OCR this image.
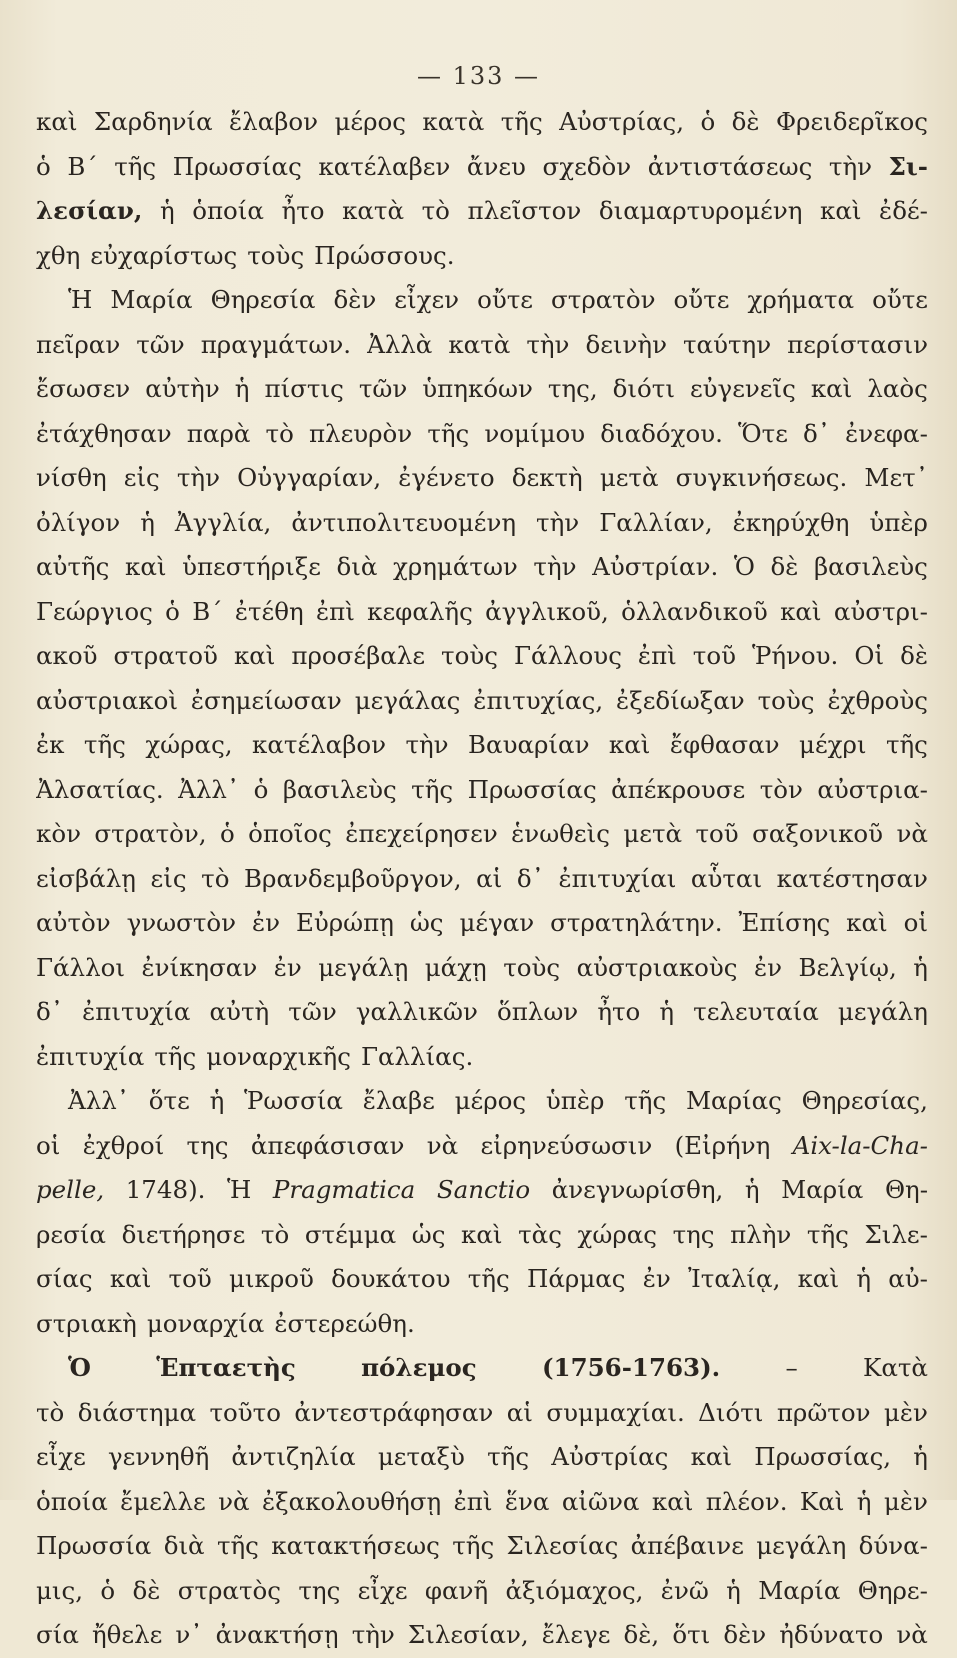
— 133 —
καὶ Σαρδηνία ἔλαβον μέρος κατὰ τῆς Αὐστρίας, ὁ δὲ Φρειδερῖκος
ὁ Β΄ τῆς Πρωσσίας κατέλαβεν ἄνευ σχεδὸν ἀντιστάσεως τὴν Σι-
λεσίαν, ἡ ὁποία ἦτο κατὰ τὸ πλεῖστον διαμαρτυρομένη καὶ ἐδέ-
χθη εὐχαρίστως τοὺς Πρώσσους.
Ἡ Μαρία Θηρεσία δὲν εἶχεν οὔτε στρατὸν οὔτε χρήματα οὔτε
πεῖραν τῶν πραγμάτων. Ἀλλὰ κατὰ τὴν δεινὴν ταύτην περίστασιν
ἔσωσεν αὐτὴν ἡ πίστις τῶν ὑπηκόων της, διότι εὐγενεῖς καὶ λαὸς
ἐτάχθησαν παρὰ τὸ πλευρὸν τῆς νομίμου διαδόχου. Ὅτε δ᾽ ἐνεφα-
νίσθη εἰς τὴν Οὐγγαρίαν, ἐγένετο δεκτὴ μετὰ συγκινήσεως. Μετ᾽
ὀλίγον ἡ Ἀγγλία, ἀντιπολιτευομένη τὴν Γαλλίαν, ἐκηρύχθη ὑπὲρ
αὐτῆς καὶ ὑπεστήριξε διὰ χρημάτων τὴν Αὐστρίαν. Ὁ δὲ βασιλεὺς
Γεώργιος ὁ Β΄ ἐτέθη ἐπὶ κεφαλῆς ἀγγλικοῦ, ὁλλανδικοῦ καὶ αὐστρι-
ακοῦ στρατοῦ καὶ προσέβαλε τοὺς Γάλλους ἐπὶ τοῦ Ῥήνου. Οἱ δὲ
αὐστριακοὶ ἐσημείωσαν μεγάλας ἐπιτυχίας, ἐξεδίωξαν τοὺς ἐχθροὺς
ἐκ τῆς χώρας, κατέλαβον τὴν Βαυαρίαν καὶ ἔφθασαν μέχρι τῆς
Ἀλσατίας. Ἀλλ᾽ ὁ βασιλεὺς τῆς Πρωσσίας ἀπέκρουσε τὸν αὐστρια-
κὸν στρατὸν, ὁ ὁποῖος ἐπεχείρησεν ἑνωθεὶς μετὰ τοῦ σαξονικοῦ νὰ
εἰσβάλῃ εἰς τὸ Βρανδεμβοῦργον, αἱ δ᾽ ἐπιτυχίαι αὗται κατέστησαν
αὐτὸν γνωστὸν ἐν Εὐρώπῃ ὡς μέγαν στρατηλάτην. Ἐπίσης καὶ οἱ
Γάλλοι ἐνίκησαν ἐν μεγάλῃ μάχῃ τοὺς αὐστριακοὺς ἐν Βελγίῳ, ἡ
δ᾽ ἐπιτυχία αὐτὴ τῶν γαλλικῶν ὅπλων ἦτο ἡ τελευταία μεγάλη
ἐπιτυχία τῆς μοναρχικῆς Γαλλίας.
Ἀλλ᾽ ὅτε ἡ Ῥωσσία ἔλαβε μέρος ὑπὲρ τῆς Μαρίας Θηρεσίας,
οἱ ἐχθροί της ἀπεφάσισαν νὰ εἰρηνεύσωσιν (Εἰρήνη Aix-la-Cha-
pelle, 1748). Ἡ Pragmatica Sanctio ἀνεγνωρίσθη, ἡ Μαρία Θη-
ρεσία διετήρησε τὸ στέμμα ὡς καὶ τὰς χώρας της πλὴν τῆς Σιλε-
σίας καὶ τοῦ μικροῦ δουκάτου τῆς Πάρμας ἐν Ἰταλίᾳ, καὶ ἡ αὐ-
στριακὴ μοναρχία ἐστερεώθη.
Ὁ	Ἑπταετὴς	πόλεμος	(1756-1763).	–	Κατὰ
τὸ διάστημα τοῦτο ἀντεστράφησαν αἱ συμμαχίαι. Διότι πρῶτον μὲν
εἶχε γεννηθῆ ἀντιζηλία μεταξὺ τῆς Αὐστρίας καὶ Πρωσσίας, ἡ
ὁποία ἔμελλε νὰ ἐξακολουθήσῃ ἐπὶ ἕνα αἰῶνα καὶ πλέον. Καὶ ἡ μὲν
Πρωσσία διὰ τῆς κατακτήσεως τῆς Σιλεσίας ἀπέβαινε μεγάλη δύνα-
μις, ὁ δὲ στρατὸς της εἶχε φανῆ ἀξιόμαχος, ἐνῶ ἡ Μαρία Θηρε-
σία ἤθελε ν᾽ ἀνακτήσῃ τὴν Σιλεσίαν, ἔλεγε δὲ, ὅτι δὲν ἠδύνατο νὰ
